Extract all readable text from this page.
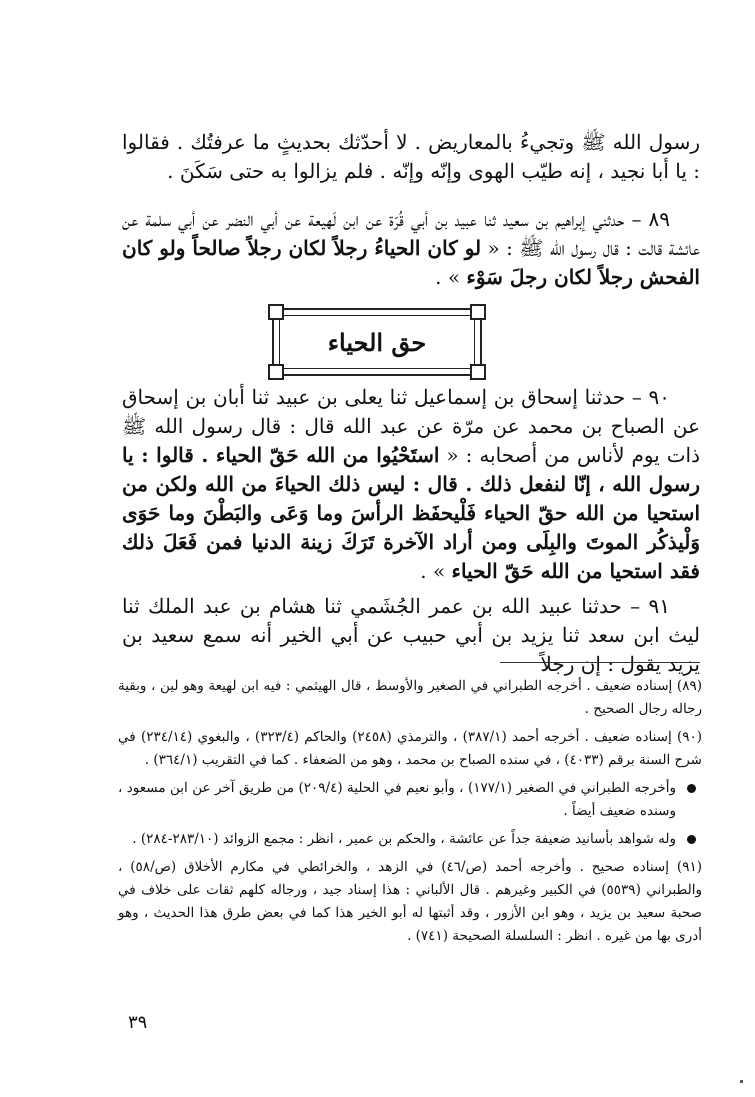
رسول الله ﷺ وتجيءُ بالمعاريض . لا أحدّثك بحديثٍ ما عرفتُك . فقالوا : يا أبا نجيد ، إنه طيّب الهوى وإنّه وإنّه . فلم يزالوا به حتى سَكَنَ .

٨٩ – حدثني إبراهيم بن سعيد ثنا عبيد بن أبي قُرّة عن ابن لَهيعة عن أبي النضر عن أبي سلمة عن عائشة قالت : قال رسول الله ﷺ : « لو كان الحياءُ رجلاً لكان رجلاً صالحاً ولو كان الفحش رجلاً لكان رجلَ سَوْء » .

حق الحياء

٩٠ – حدثنا إسحاق بن إسماعيل ثنا يعلى بن عبيد ثنا أبان بن إسحاق عن الصباح بن محمد عن مرّة عن عبد الله قال : قال رسول الله ﷺ ذات يوم لأناس من أصحابه : « استَحْيُوا من الله حَقّ الحياء . قالوا : يا رسول الله ، إنّا لنفعل ذلك . قال : ليس ذلك الحياءَ من الله ولكن من استحيا من الله حقّ الحياء فَلْيحفَظ الرأسَ وما وَعَى والبَطْنَ وما حَوَى وَلْيذكُر الموتَ والبِلَى ومن أراد الآخرة تَرَكَ زينة الدنيا فمن فَعَلَ ذلك فقد استحيا من الله حَقّ الحياء » .

٩١ – حدثنا عبيد الله بن عمر الجُشَمي ثنا هشام بن عبد الملك ثنا ليث ابن سعد ثنا يزيد بن أبي حبيب عن أبي الخير أنه سمع سعيد بن يزيد يقول : إن رجلاً

(٨٩) إسناده ضعيف . أخرجه الطبراني في الصغير والأوسط ، قال الهيثمي : فيه ابن لهيعة وهو لين ، وبقية رجاله رجال الصحيح .

(٩٠) إسناده ضعيف . أخرجه أحمد (٣٨٧/١) ، والترمذي (٢٤٥٨) والحاكم (٣٢٣/٤) ، والبغوي (٢٣٤/١٤) في شرح السنة برقم (٤٠٣٣) ، في سنده الصباح بن محمد ، وهو من الضعفاء . كما في التقريب (٣٦٤/١) .

وأخرجه الطبراني في الصغير (١٧٧/١) ، وأبو نعيم في الحلية (٢٠٩/٤) من طريق آخر عن ابن مسعود ، وسنده ضعيف أيضاً .

وله شواهد بأسانيد ضعيفة جداً عن عائشة ، والحكم بن عمير ، انظر : مجمع الزوائد (٢٨٣/١٠-٢٨٤) .

(٩١) إسناده صحيح . وأخرجه أحمد (ص/٤٦) في الزهد ، والخرائطي في مكارم الأخلاق (ص/٥٨) ، والطبراني (٥٥٣٩) في الكبير وغيرهم . قال الألباني : هذا إسناد جيد ، ورجاله كلهم ثقات على خلاف في صحبة سعيد بن يزيد ، وهو ابن الأزور ، وقد أثبتها له أبو الخير هذا كما في بعض طرق هذا الحديث ، وهو أدرى بها من غيره . انظر : السلسلة الصحيحة (٧٤١) .

٣٩
